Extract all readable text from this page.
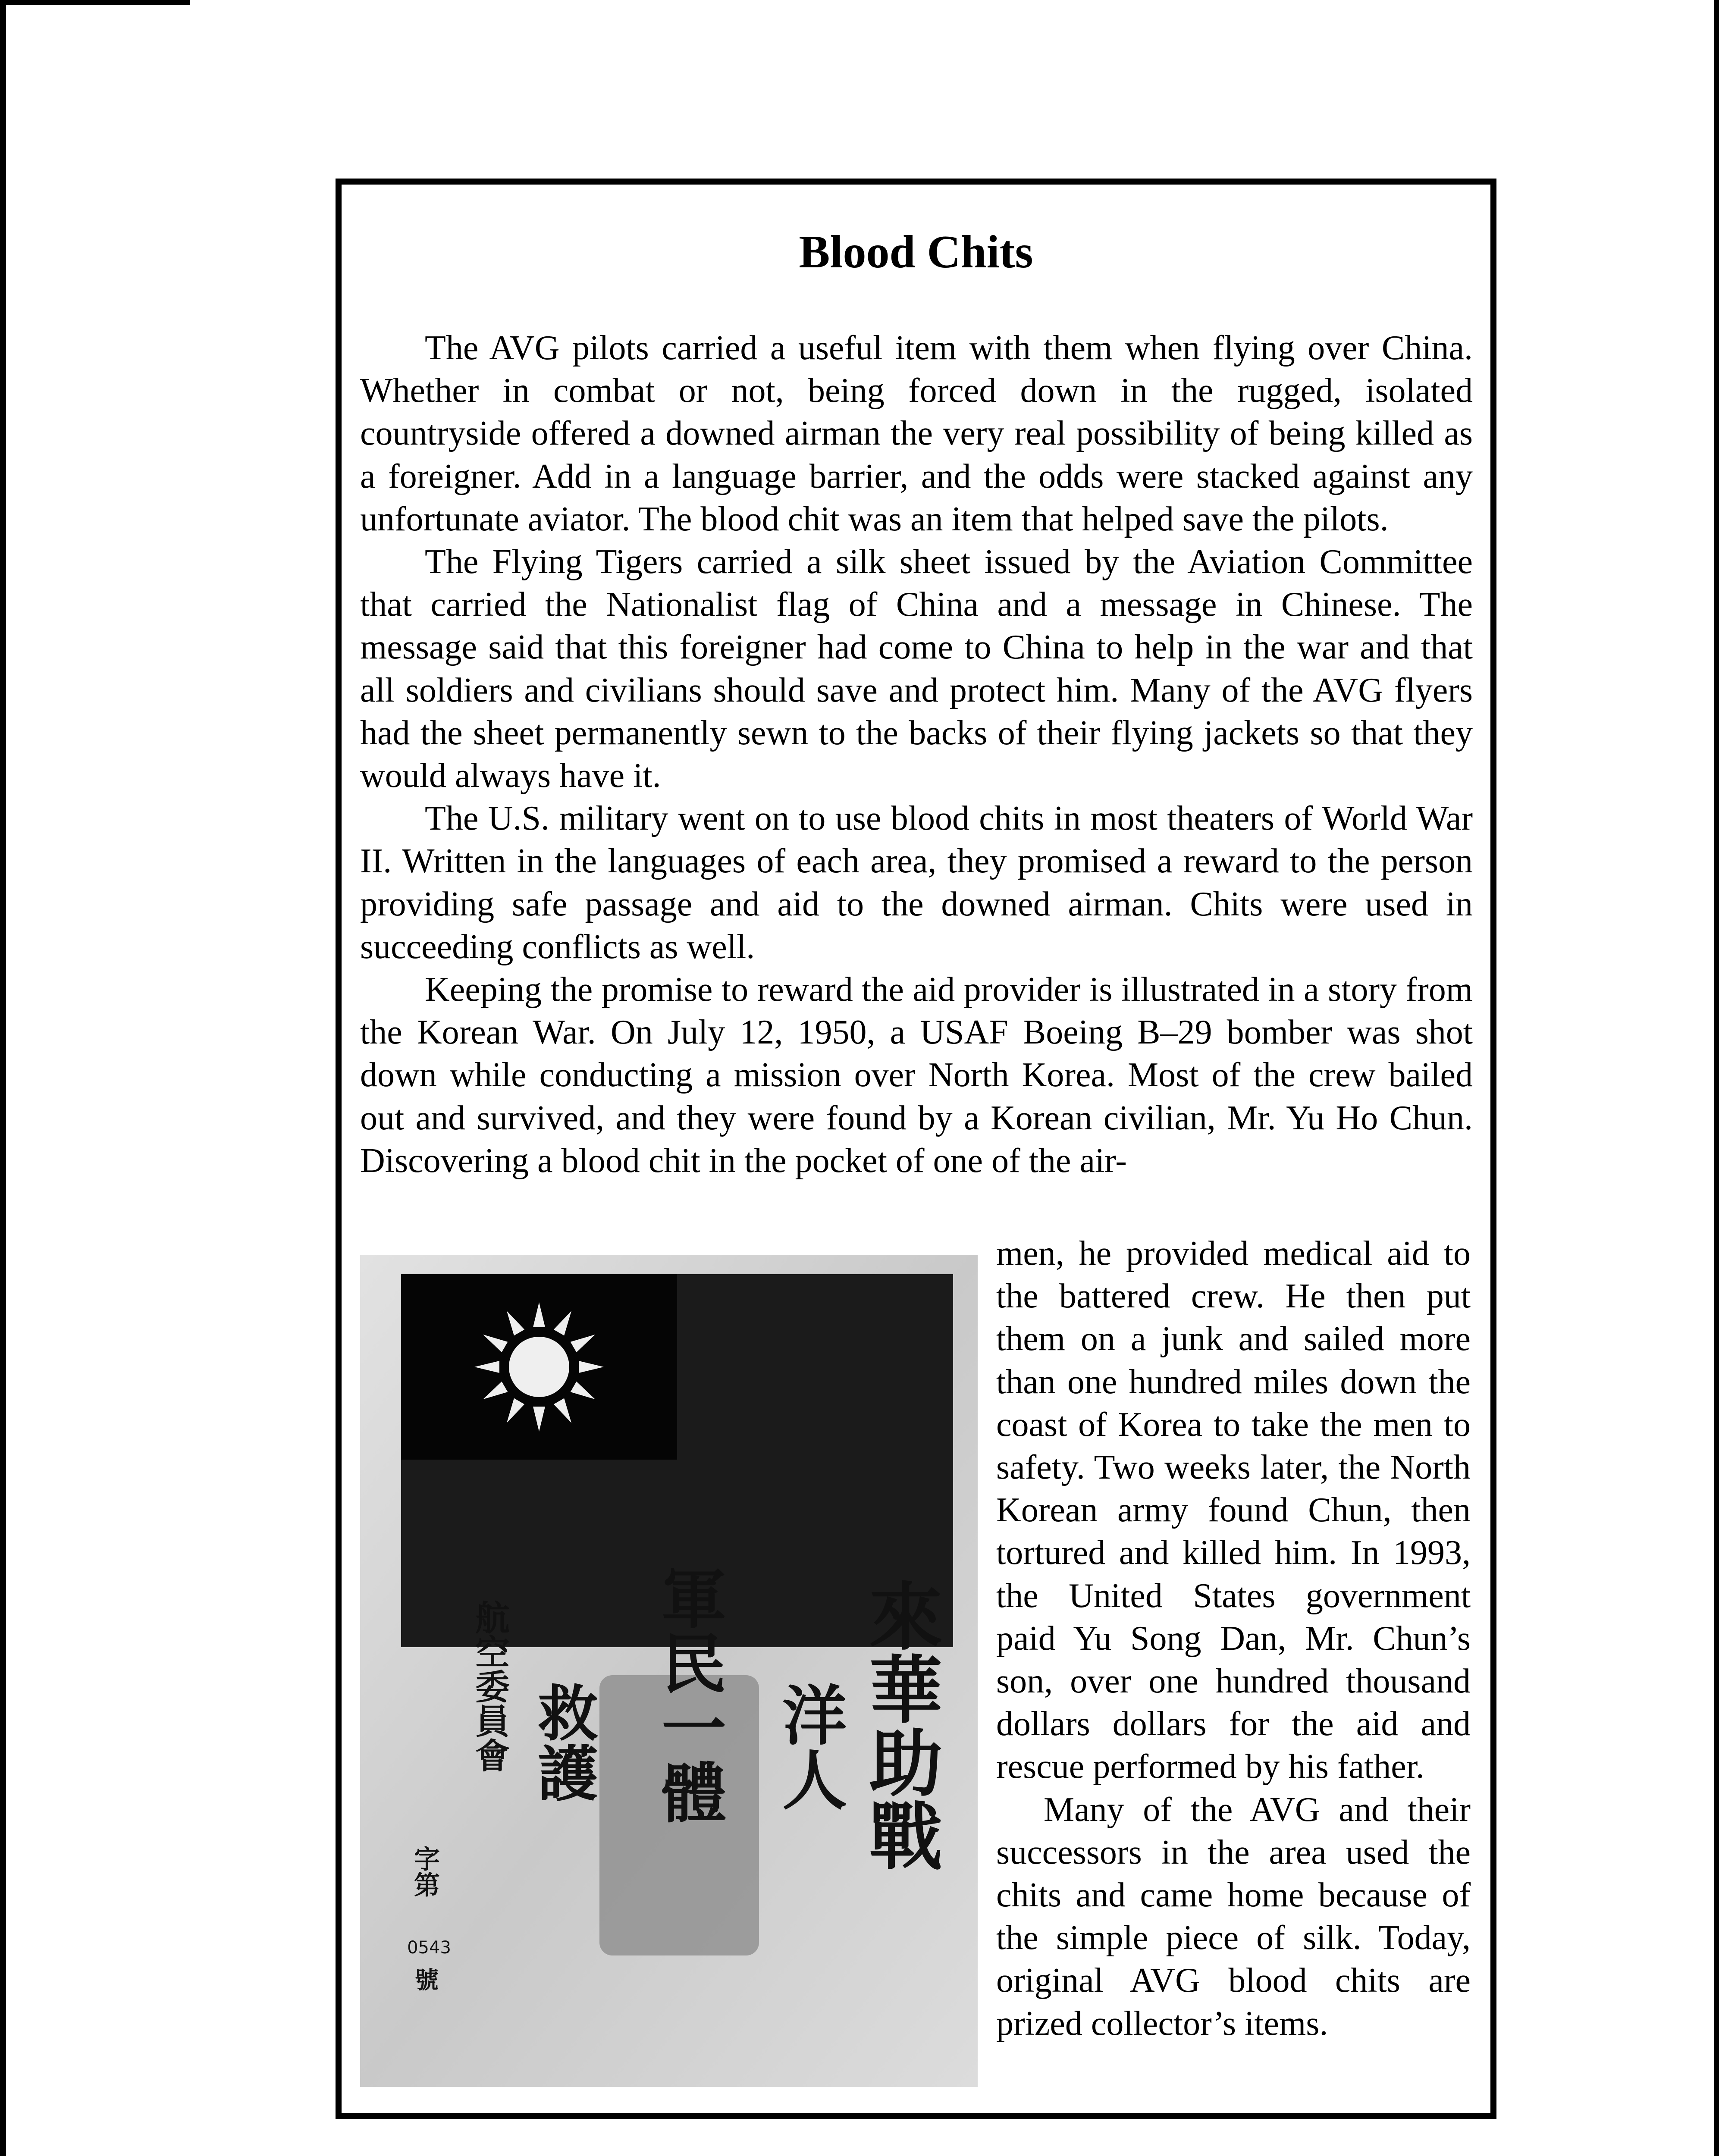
Blood Chits

The AVG pilots carried a useful item with them when flying over China. Whether in combat or not, being forced down in the rugged, isolated countryside offered a downed airman the very real possibility of being killed as a foreigner. Add in a language barrier, and the odds were stacked against any unfortunate aviator. The blood chit was an item that helped save the pilots.

The Flying Tigers carried a silk sheet issued by the Aviation Committee that carried the Nationalist flag of China and a message in Chinese. The message said that this foreigner had come to China to help in the war and that all soldiers and civilians should save and protect him. Many of the AVG flyers had the sheet permanently sewn to the backs of their flying jackets so that they would always have it.

The U.S. military went on to use blood chits in most theaters of World War II. Written in the languages of each area, they promised a reward to the person providing safe passage and aid to the downed airman. Chits were used in succeeding conflicts as well.

Keeping the promise to reward the aid provider is illustrated in a story from the Korean War. On July 12, 1950, a USAF Boeing B–29 bomber was shot down while conducting a mission over North Korea. Most of the crew bailed out and survived, and they were found by a Korean civilian, Mr. Yu Ho Chun. Discovering a blood chit in the pocket of one of the air-

來華助戰
洋人
軍民一體
救護
航空委員會
字第
號
0543

men, he provided medical aid to the battered crew. He then put them on a junk and sailed more than one hundred miles down the coast of Korea to take the men to safety. Two weeks later, the North Korean army found Chun, then tortured and killed him. In 1993, the United States government paid Yu Song Dan, Mr. Chun’s son, over one hundred thousand dollars dollars for the aid and rescue performed by his father.

Many of the AVG and their successors in the area used the chits and came home because of the simple piece of silk. Today, original AVG blood chits are prized collector’s items.
